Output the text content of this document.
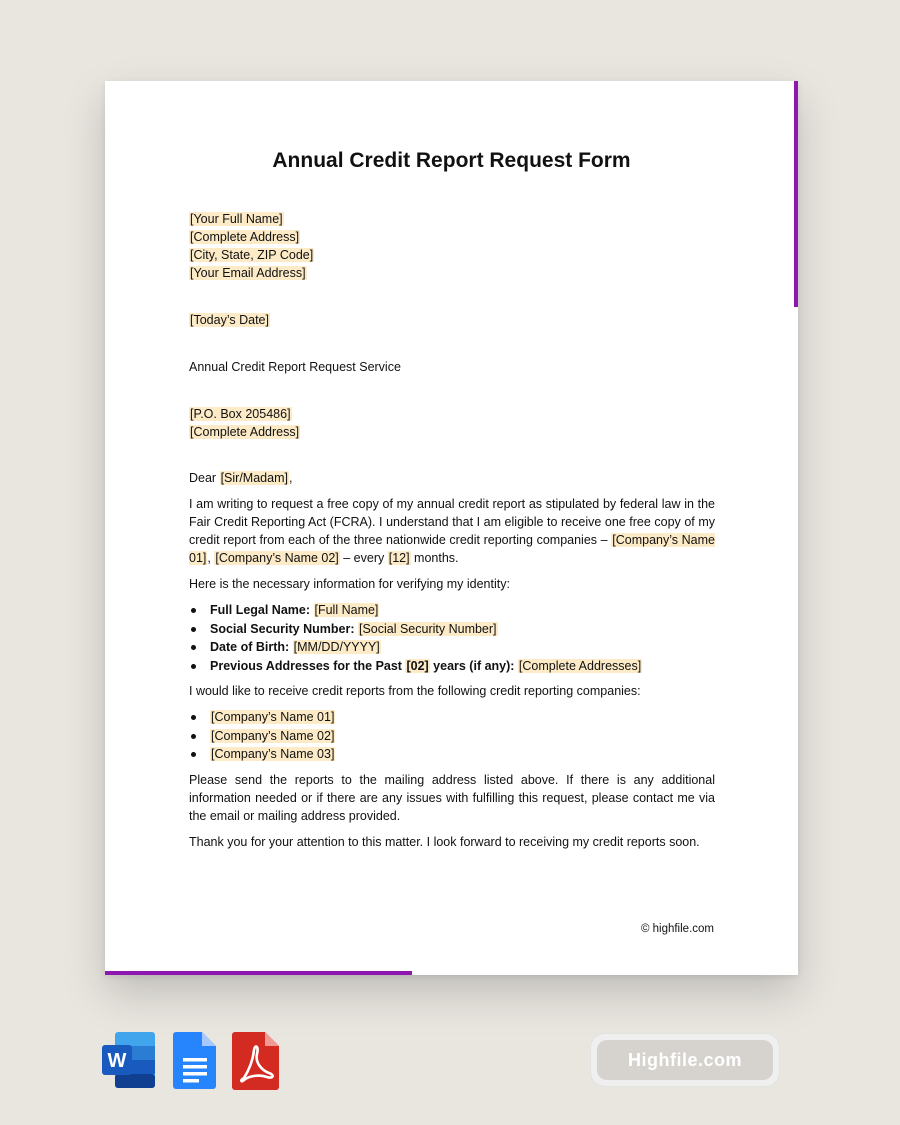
Annual Credit Report Request Form
[Your Full Name]
[Complete Address]
[City, State, ZIP Code]
[Your Email Address]
[Today’s Date]
Annual Credit Report Request Service
[P.O. Box 205486]
[Complete Address]
Dear [Sir/Madam],

I am writing to request a free copy of my annual credit report as stipulated by federal law in the Fair Credit Reporting Act (FCRA). I understand that I am eligible to receive one free copy of my credit report from each of the three nationwide credit reporting companies – [Company’s Name 01], [Company’s Name 02] – every [12] months.

Here is the necessary information for verifying my identity:

Full Legal Name: [Full Name]
Social Security Number: [Social Security Number]
Date of Birth: [MM/DD/YYYY]
Previous Addresses for the Past [02] years (if any): [Complete Addresses]

I would like to receive credit reports from the following credit reporting companies:

[Company’s Name 01]
[Company’s Name 02]
[Company’s Name 03]

Please send the reports to the mailing address listed above. If there is any additional information needed or if there are any issues with fulfilling this request, please contact me via the email or mailing address provided.

Thank you for your attention to this matter. I look forward to receiving my credit reports soon.

© highfile.com
W	Highfile.com
